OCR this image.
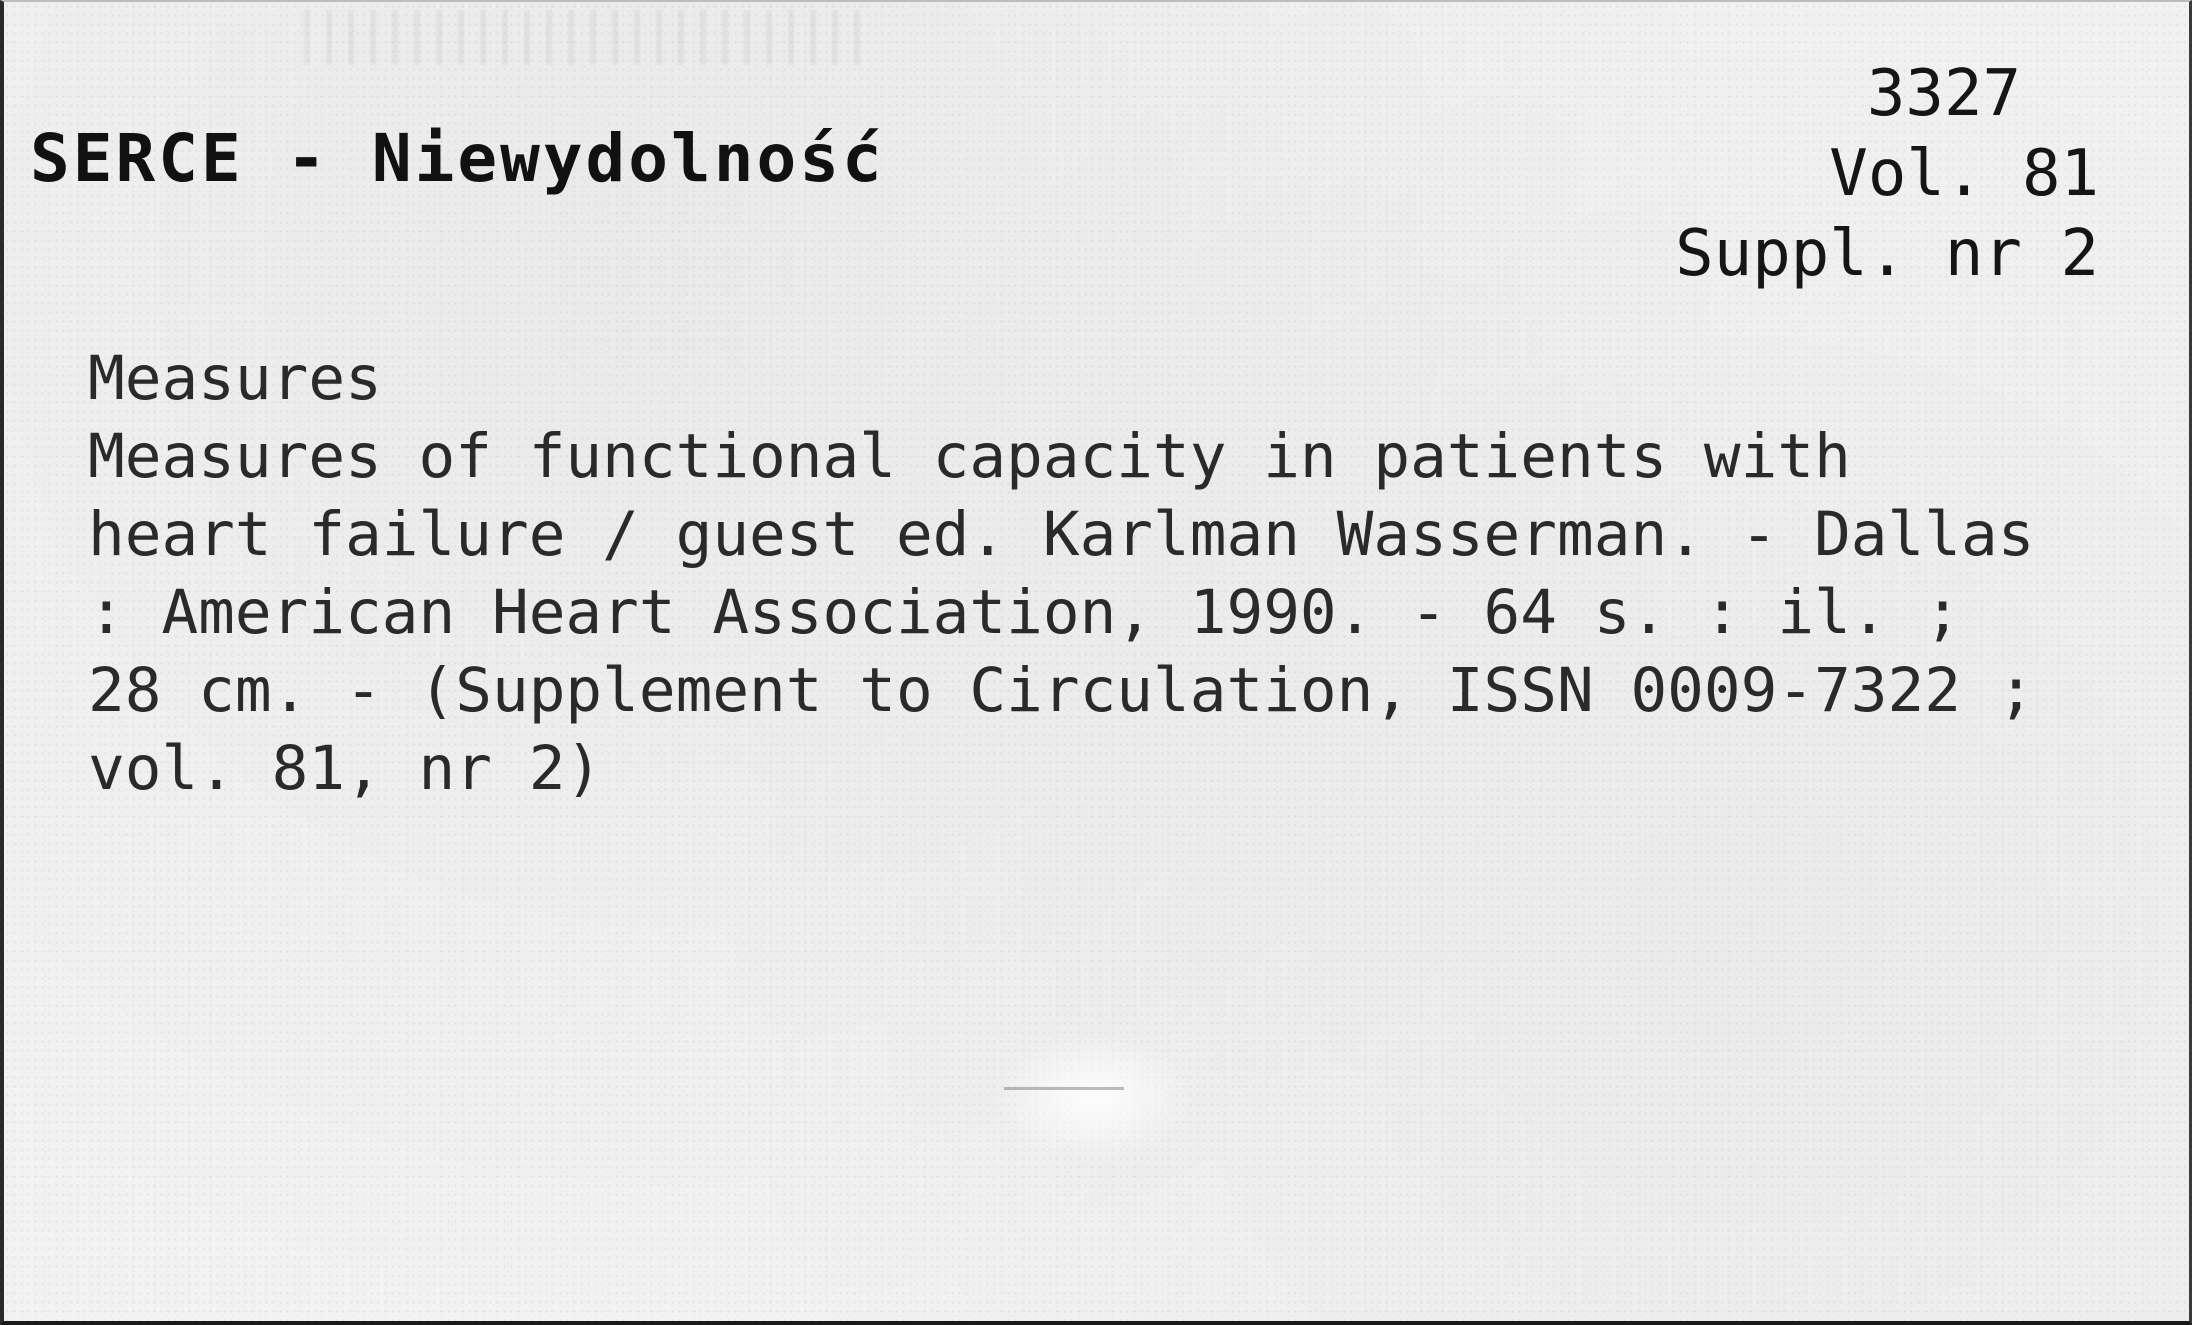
SERCE - Niewydolność
3327
Vol. 81
Suppl. nr 2
Measures
Measures of functional capacity in patients with
heart failure / guest ed. Karlman Wasserman. - Dallas
: American Heart Association, 1990. - 64 s. : il. ;
28 cm. - (Supplement to Circulation, ISSN 0009-7322 ;
vol. 81, nr 2)
